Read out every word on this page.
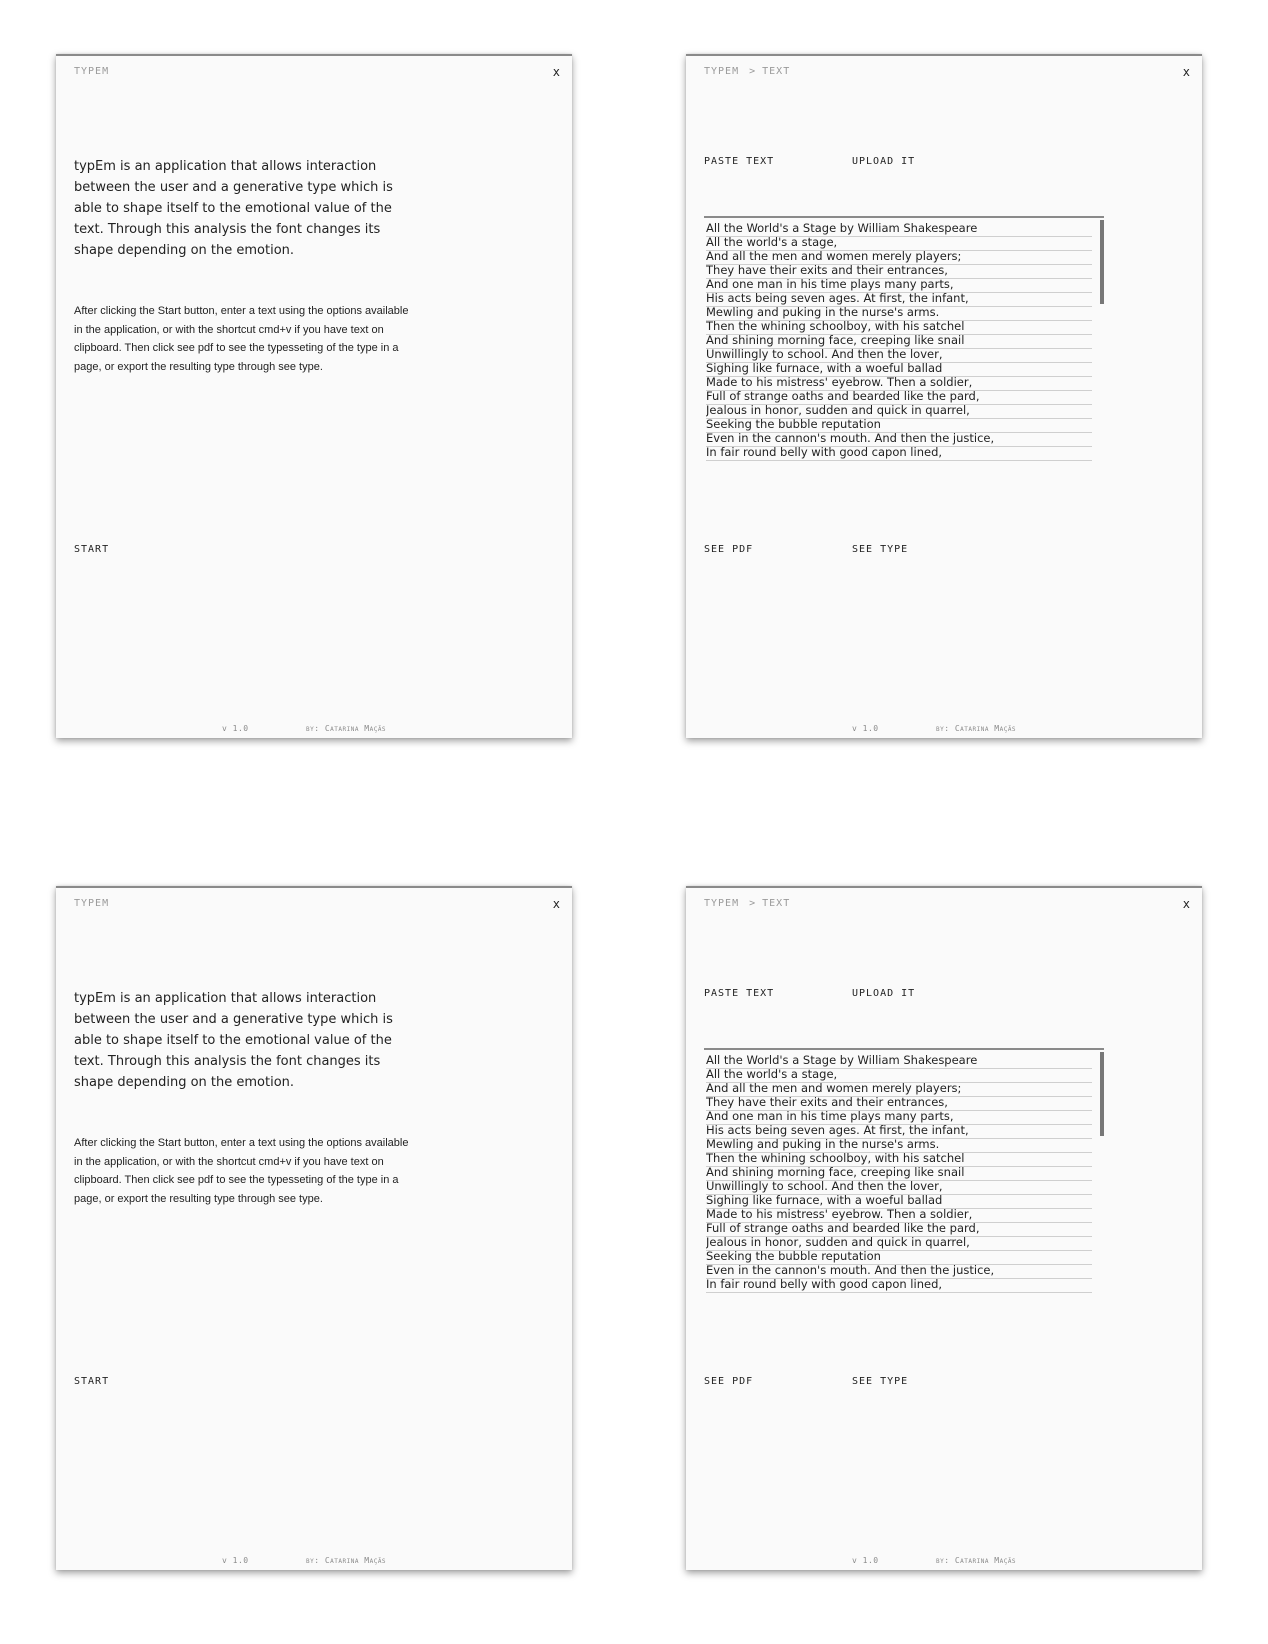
TYPEM	x
typEm is an application that allows interaction between the user and a generative type which is able to shape itself to the emotional value of the text. Through this analysis the font changes its shape depending on the emotion.
After clicking the Start button, enter a text using the options available in the application, or with the shortcut cmd+v if you have text on clipboard. Then click see pdf to see the typesseting of the type in a page, or export the resulting type through see type.
START
v 1.0	by: Catarina Maçãs
TYPEM > TEXT	x
PASTE TEXT	UPLOAD IT
All the World's a Stage by William Shakespeare
All the world's a stage,
And all the men and women merely players;
They have their exits and their entrances,
And one man in his time plays many parts,
His acts being seven ages. At first, the infant,
Mewling and puking in the nurse's arms.
Then the whining schoolboy, with his satchel
And shining morning face, creeping like snail
Unwillingly to school. And then the lover,
Sighing like furnace, with a woeful ballad
Made to his mistress' eyebrow. Then a soldier,
Full of strange oaths and bearded like the pard,
Jealous in honor, sudden and quick in quarrel,
Seeking the bubble reputation
Even in the cannon's mouth. And then the justice,
In fair round belly with good capon lined,
SEE PDF	SEE TYPE
v 1.0	by: Catarina Maçãs
TYPEM	x
typEm is an application that allows interaction between the user and a generative type which is able to shape itself to the emotional value of the text. Through this analysis the font changes its shape depending on the emotion.
After clicking the Start button, enter a text using the options available in the application, or with the shortcut cmd+v if you have text on clipboard. Then click see pdf to see the typesseting of the type in a page, or export the resulting type through see type.
START
v 1.0	by: Catarina Maçãs
TYPEM > TEXT	x
PASTE TEXT	UPLOAD IT
All the World's a Stage by William Shakespeare
All the world's a stage,
And all the men and women merely players;
They have their exits and their entrances,
And one man in his time plays many parts,
His acts being seven ages. At first, the infant,
Mewling and puking in the nurse's arms.
Then the whining schoolboy, with his satchel
And shining morning face, creeping like snail
Unwillingly to school. And then the lover,
Sighing like furnace, with a woeful ballad
Made to his mistress' eyebrow. Then a soldier,
Full of strange oaths and bearded like the pard,
Jealous in honor, sudden and quick in quarrel,
Seeking the bubble reputation
Even in the cannon's mouth. And then the justice,
In fair round belly with good capon lined,
SEE PDF	SEE TYPE
v 1.0	by: Catarina Maçãs
